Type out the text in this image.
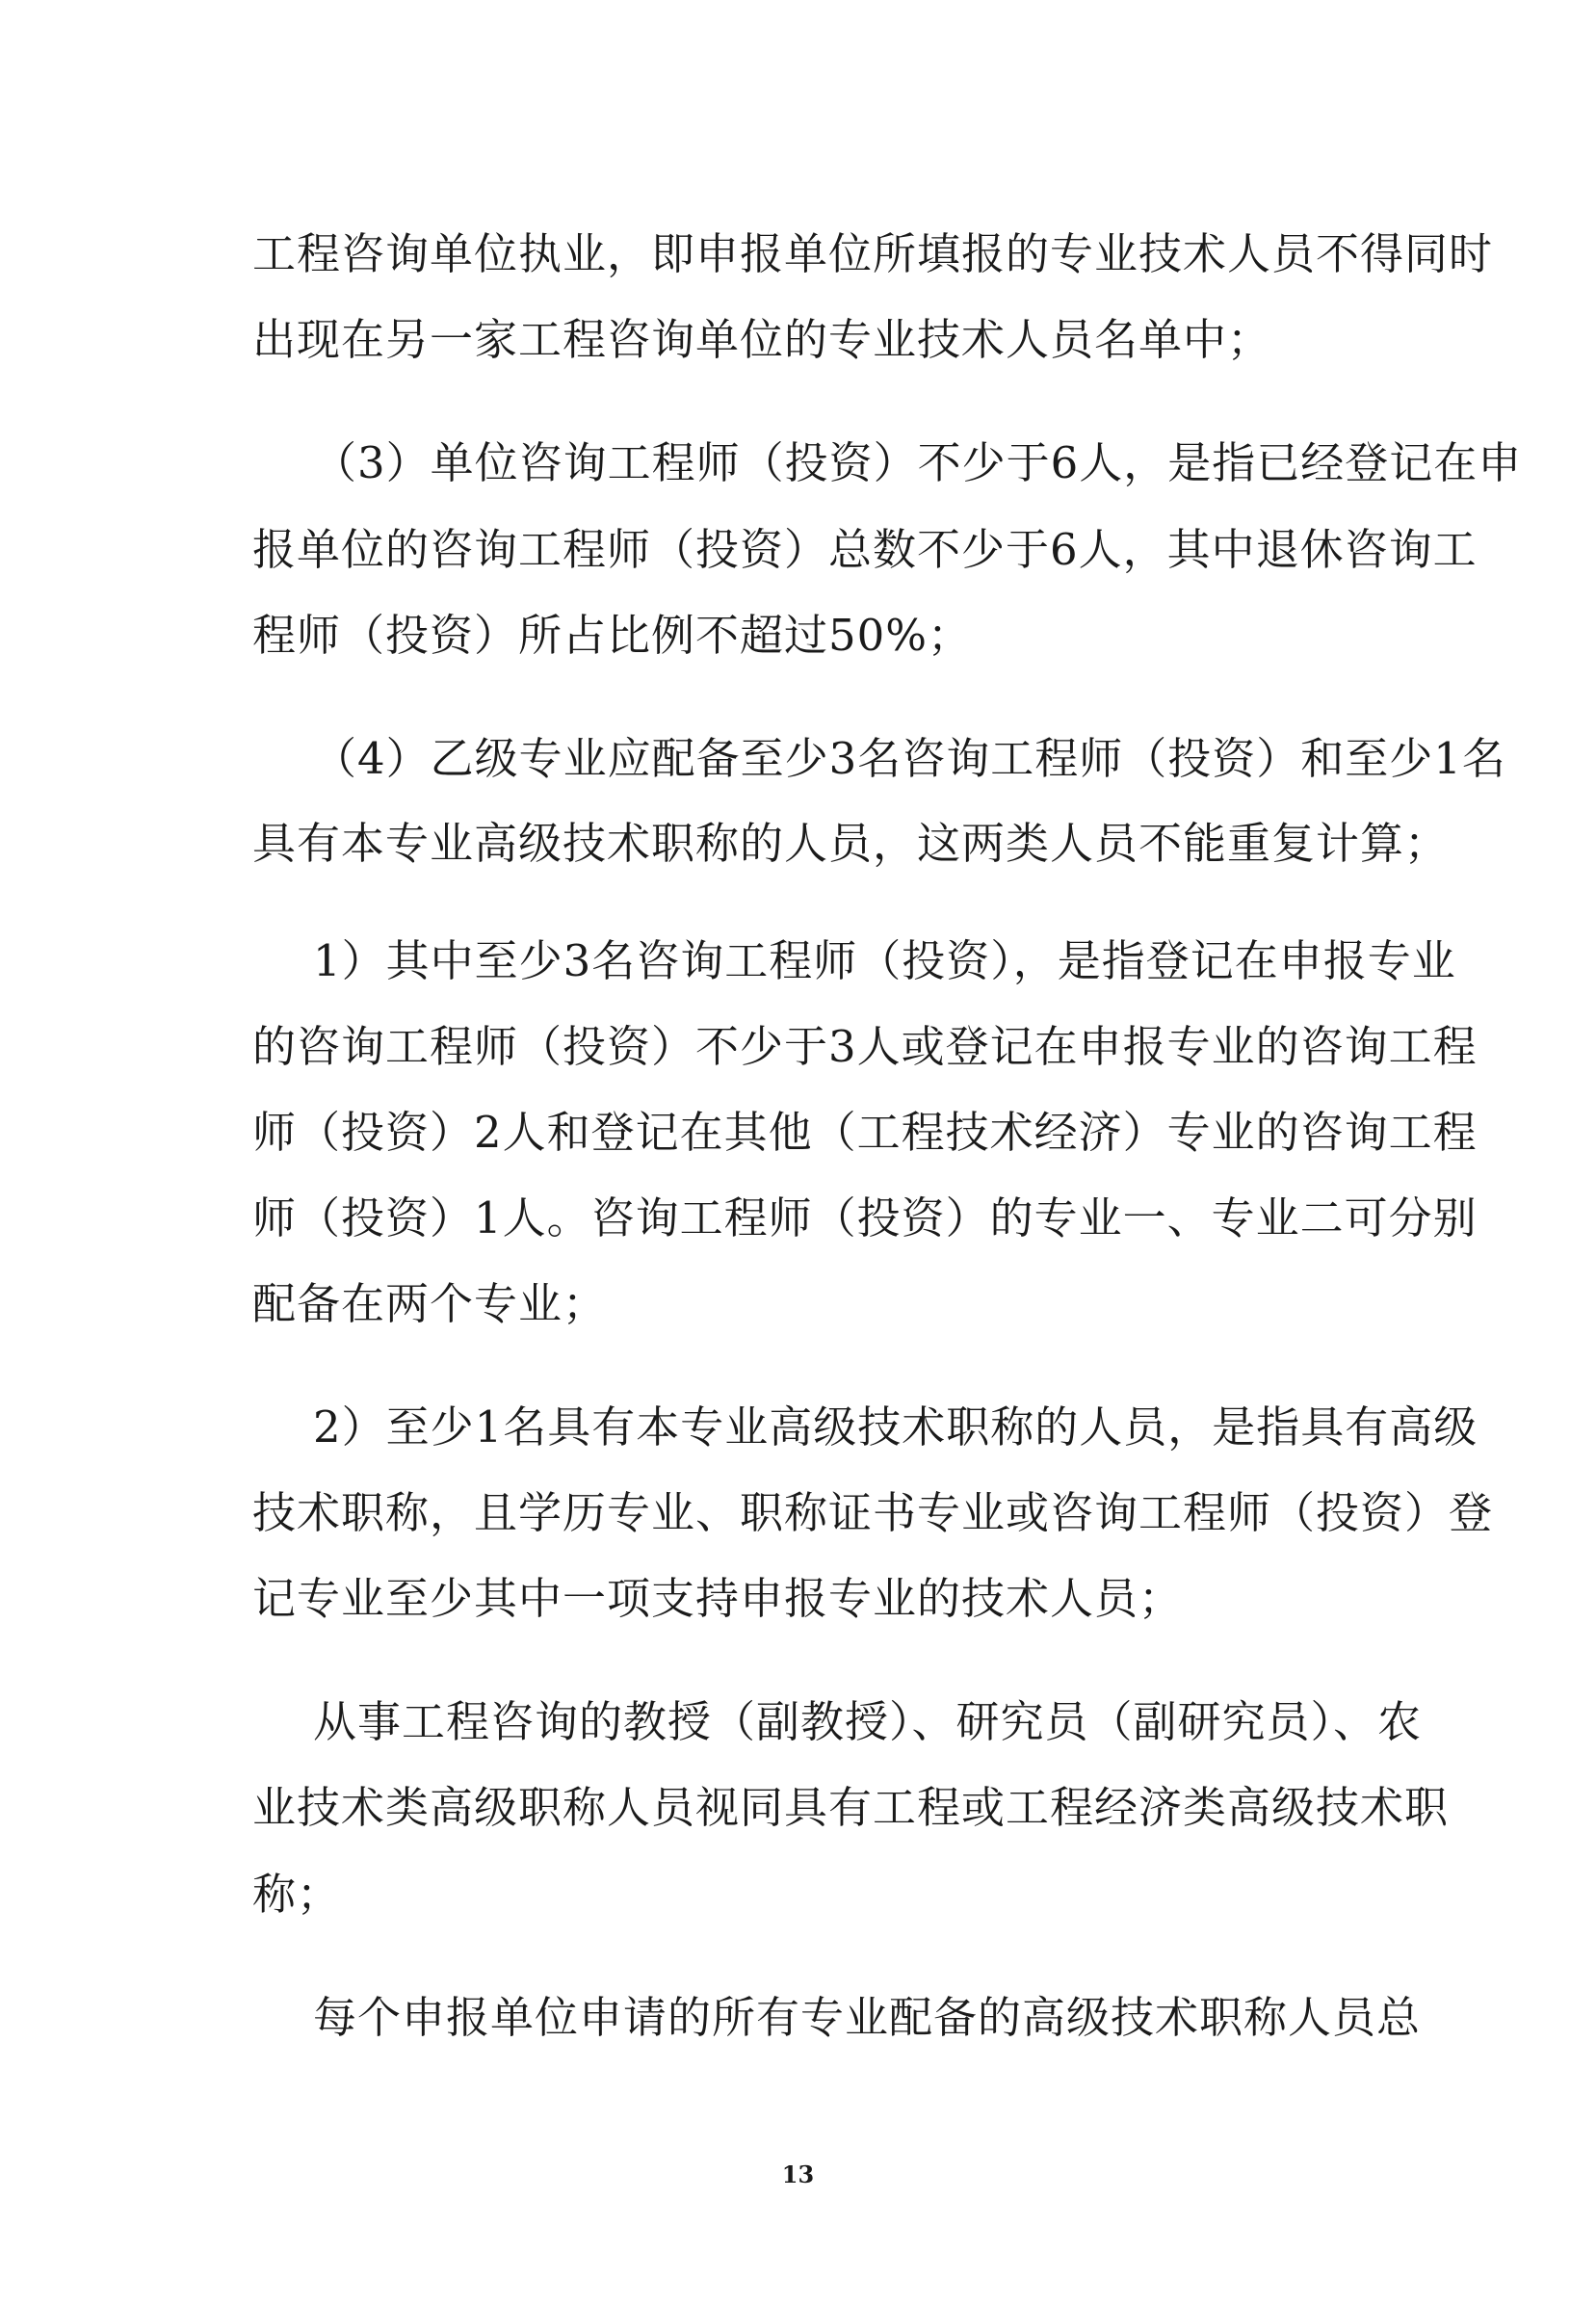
工程咨询单位执业，即申报单位所填报的专业技术人员不得同时
出现在另一家工程咨询单位的专业技术人员名单中；
（3）单位咨询工程师（投资）不少于6人，是指已经登记在申
报单位的咨询工程师（投资）总数不少于6人，其中退休咨询工
程师（投资）所占比例不超过50%；
（4）乙级专业应配备至少3名咨询工程师（投资）和至少1名
具有本专业高级技术职称的人员，这两类人员不能重复计算；
1）其中至少3名咨询工程师（投资），是指登记在申报专业
的咨询工程师（投资）不少于3人或登记在申报专业的咨询工程
师（投资）2人和登记在其他（工程技术经济）专业的咨询工程
师（投资）1人。咨询工程师（投资）的专业一、专业二可分别
配备在两个专业；
2）至少1名具有本专业高级技术职称的人员，是指具有高级
技术职称，且学历专业、职称证书专业或咨询工程师（投资）登
记专业至少其中一项支持申报专业的技术人员；
从事工程咨询的教授（副教授）、研究员（副研究员）、农
业技术类高级职称人员视同具有工程或工程经济类高级技术职
称；
每个申报单位申请的所有专业配备的高级技术职称人员总
13
